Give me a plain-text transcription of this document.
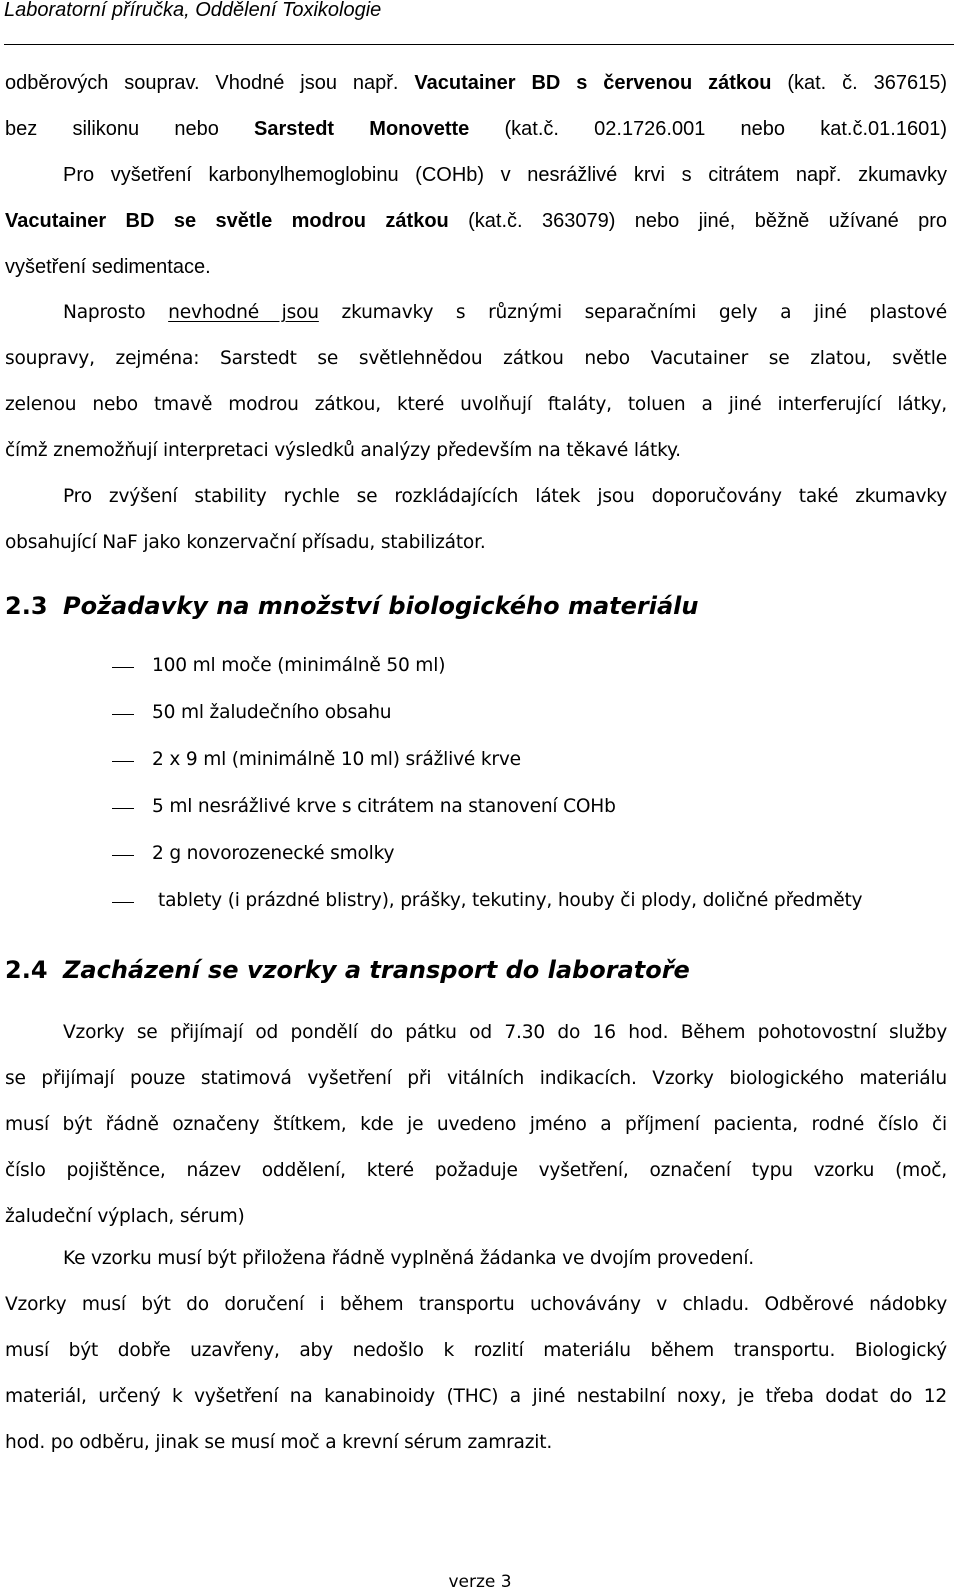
Laboratorní příručka, Oddělení Toxikologie
odběrových souprav. Vhodné jsou např. Vacutainer BD s červenou zátkou (kat. č. 367615)
bez silikonu nebo Sarstedt Monovette (kat.č. 02.1726.001 nebo kat.č.01.1601)
Pro vyšetření karbonylhemoglobinu (COHb) v nesrážlivé krvi s citrátem např. zkumavky
Vacutainer BD se světle modrou zátkou (kat.č. 363079) nebo jiné, běžně užívané pro
vyšetření sedimentace.
Naprosto nevhodné jsou zkumavky s různými separačními gely a jiné plastové
soupravy, zejména: Sarstedt se světlehnědou zátkou nebo Vacutainer se zlatou, světle
zelenou nebo tmavě modrou zátkou, které uvolňují ftaláty, toluen a jiné interferující látky,
čímž znemožňují interpretaci výsledků analýzy především na těkavé látky.
Pro zvýšení stability rychle se rozkládajících látek jsou doporučovány také zkumavky
obsahující NaF jako konzervační přísadu, stabilizátor.
2.3 Požadavky na množství biologického materiálu
100 ml moče (minimálně 50 ml)
50 ml žaludečního obsahu
2 x 9 ml (minimálně 10 ml) srážlivé krve
5 ml nesrážlivé krve s citrátem na stanovení COHb
2 g novorozenecké smolky
tablety (i prázdné blistry), prášky, tekutiny, houby či plody, doličné předměty
2.4 Zacházení se vzorky a transport do laboratoře
Vzorky se přijímají od pondělí do pátku od 7.30 do 16 hod. Během pohotovostní služby
se přijímají pouze statimová vyšetření při vitálních indikacích. Vzorky biologického materiálu
musí být řádně označeny štítkem, kde je uvedeno jméno a příjmení pacienta, rodné číslo či
číslo pojištěnce, název oddělení, které požaduje vyšetření, označení typu vzorku (moč,
žaludeční výplach, sérum)
Ke vzorku musí být přiložena řádně vyplněná žádanka ve dvojím provedení.
Vzorky musí být do doručení i během transportu uchovávány v chladu. Odběrové nádobky
musí být dobře uzavřeny, aby nedošlo k rozlití materiálu během transportu. Biologický
materiál, určený k vyšetření na kanabinoidy (THC) a jiné nestabilní noxy, je třeba dodat do 12
hod. po odběru, jinak se musí moč a krevní sérum zamrazit.
verze 3
